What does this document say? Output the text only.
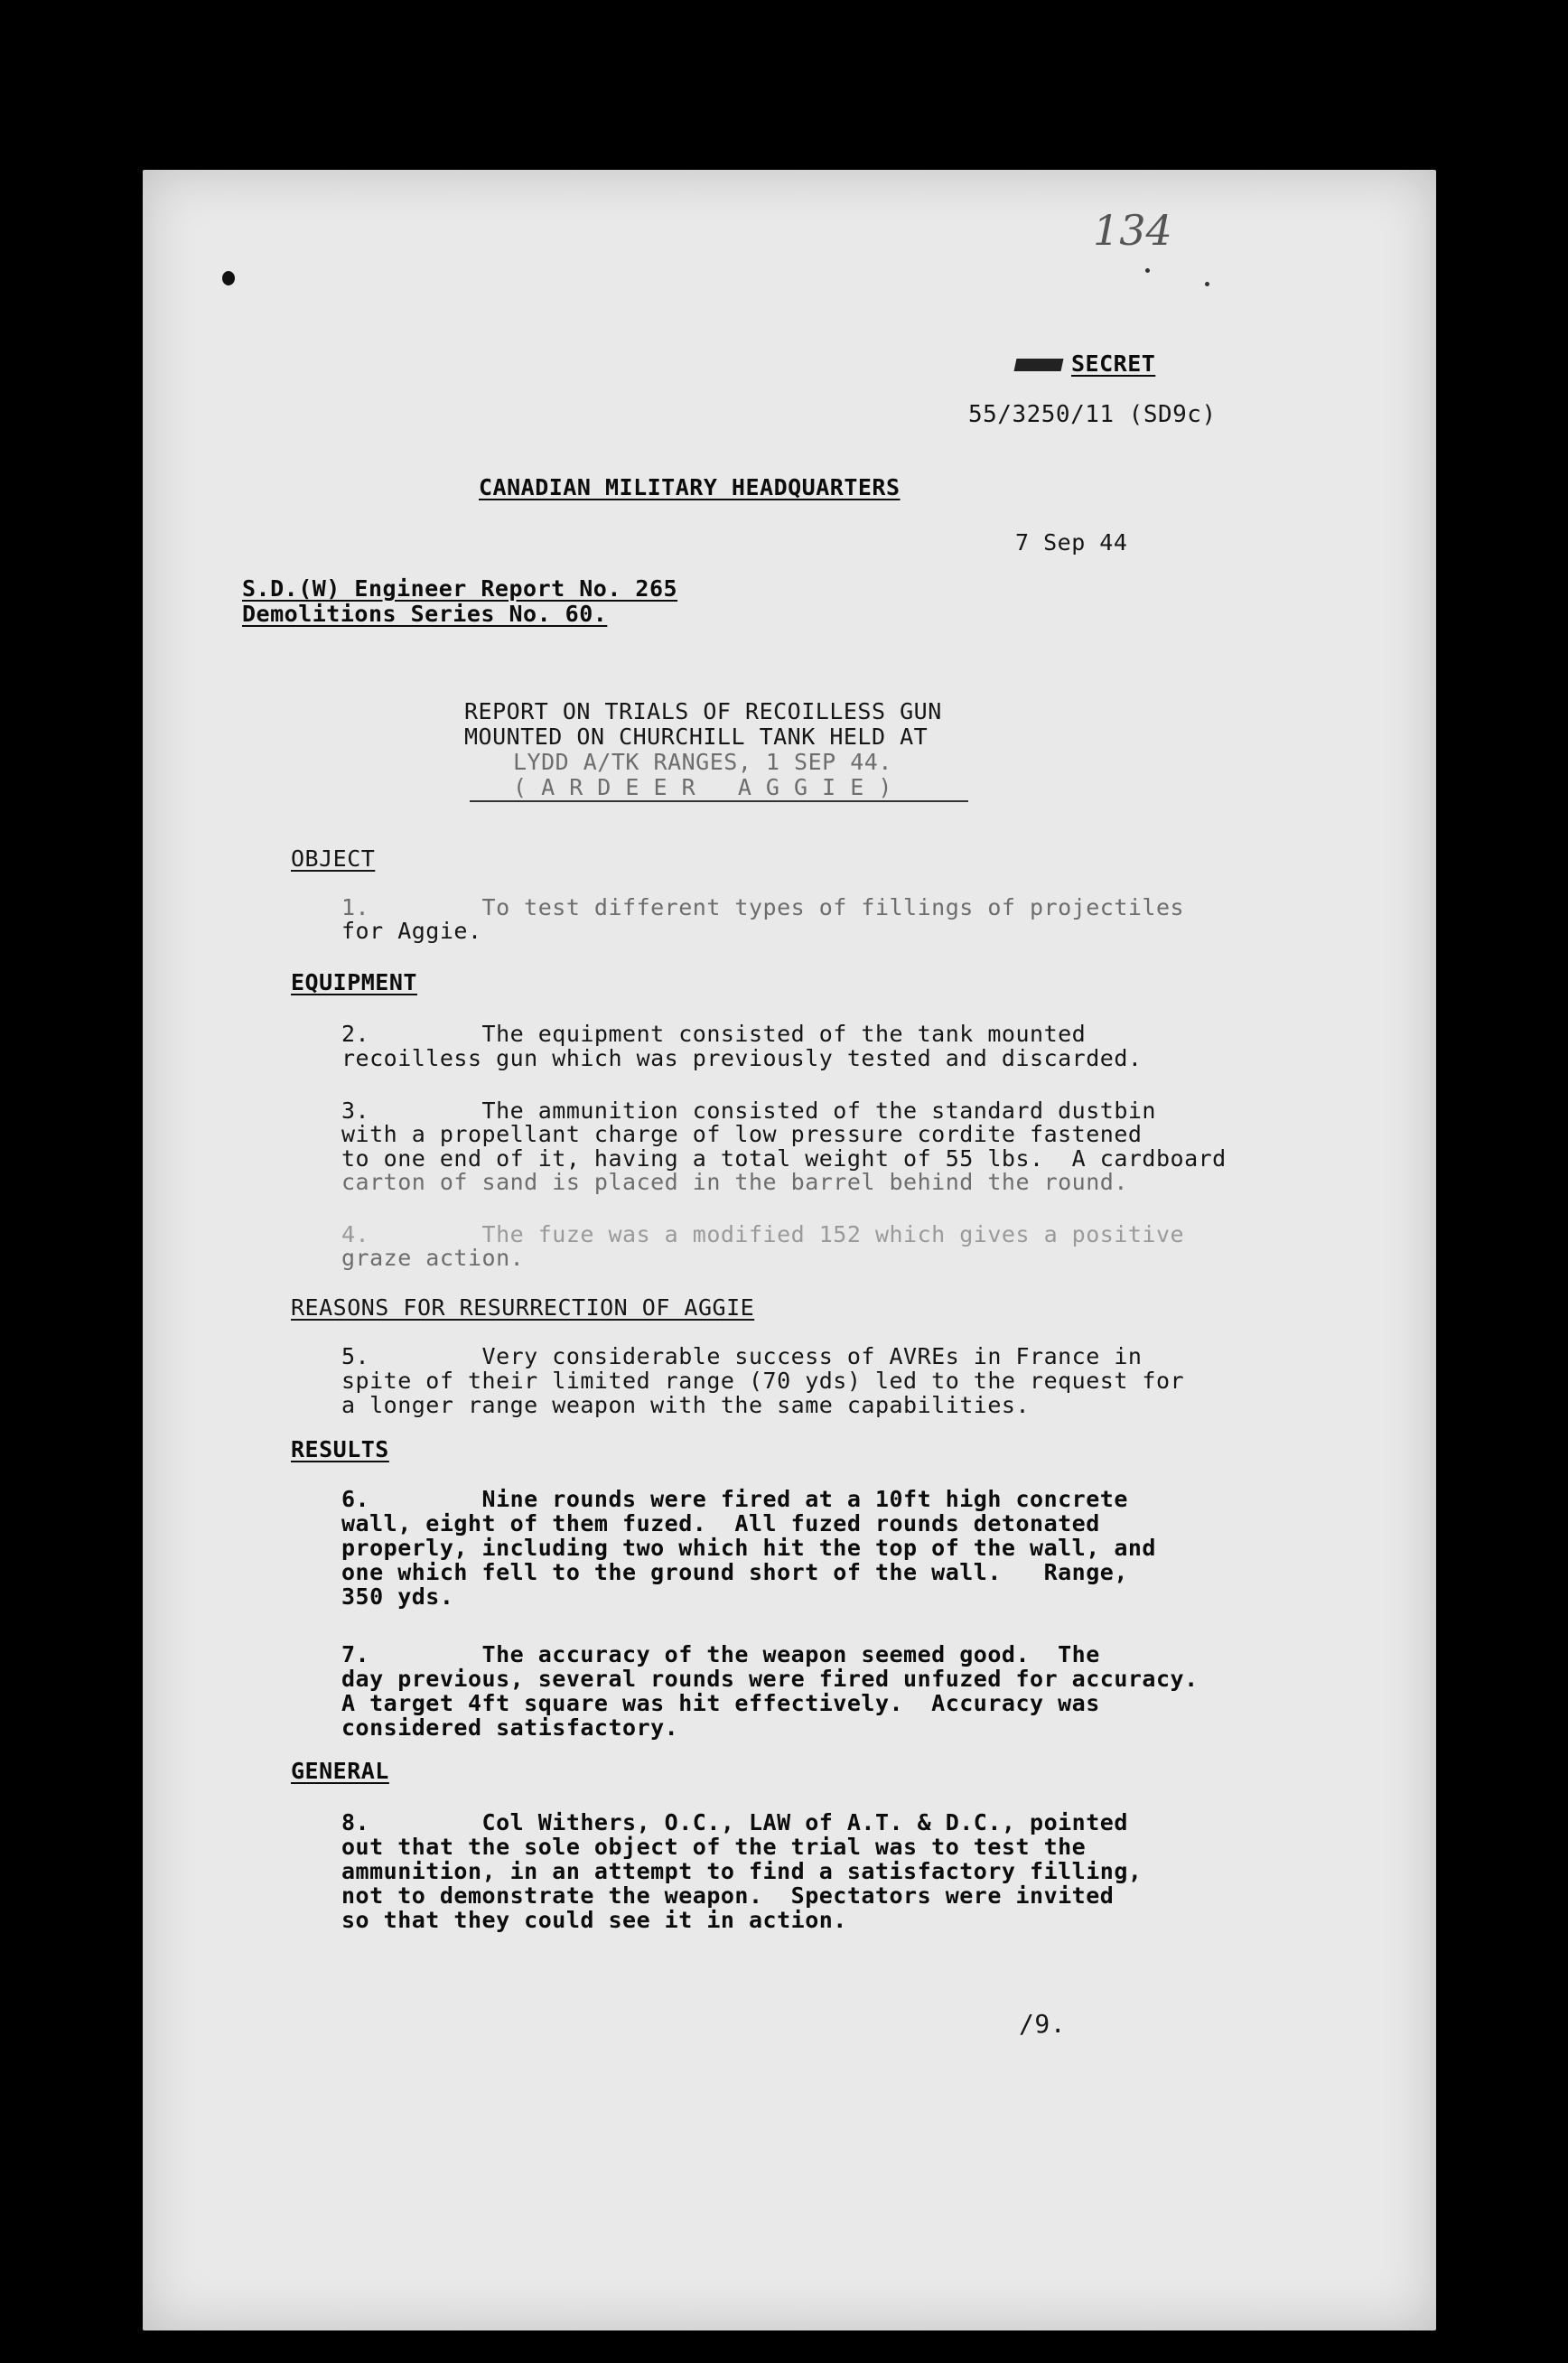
134
SECRET
55/3250/11 (SD9c)
CANADIAN MILITARY HEADQUARTERS
7 Sep 44
S.D.(W) Engineer Report No. 265
Demolitions Series No. 60.
REPORT ON TRIALS OF RECOILLESS GUN
MOUNTED ON CHURCHILL TANK HELD AT
LYDD A/TK RANGES, 1 SEP 44.
( A R D E E R   A G G I E )
OBJECT
1.        To test different types of fillings of projectiles
for Aggie.
EQUIPMENT
2.        The equipment consisted of the tank mounted
recoilless gun which was previously tested and discarded.
3.        The ammunition consisted of the standard dustbin
with a propellant charge of low pressure cordite fastened
to one end of it, having a total weight of 55 lbs.  A cardboard
carton of sand is placed in the barrel behind the round.
4.        The fuze was a modified 152 which gives a positive
graze action.
REASONS FOR RESURRECTION OF AGGIE
5.        Very considerable success of AVREs in France in
spite of their limited range (70 yds) led to the request for
a longer range weapon with the same capabilities.
RESULTS
6.        Nine rounds were fired at a 10ft high concrete
wall, eight of them fuzed.  All fuzed rounds detonated
properly, including two which hit the top of the wall, and
one which fell to the ground short of the wall.   Range,
350 yds.
7.        The accuracy of the weapon seemed good.  The
day previous, several rounds were fired unfuzed for accuracy.
A target 4ft square was hit effectively.  Accuracy was
considered satisfactory.
GENERAL
8.        Col Withers, O.C., LAW of A.T. & D.C., pointed
out that the sole object of the trial was to test the
ammunition, in an attempt to find a satisfactory filling,
not to demonstrate the weapon.  Spectators were invited
so that they could see it in action.
/9.
